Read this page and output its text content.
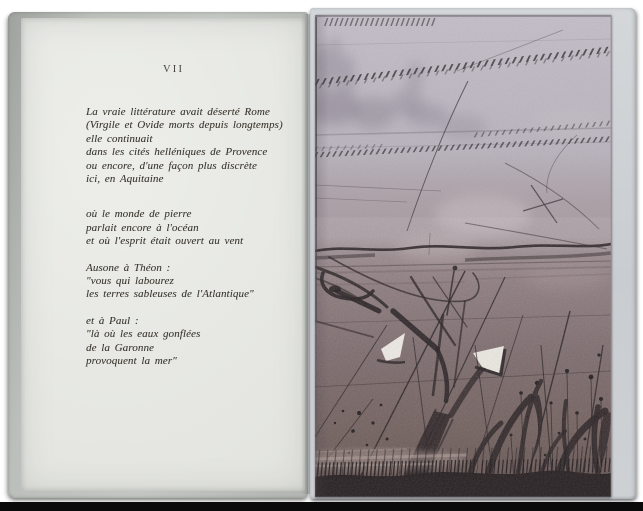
VII
La vraie littérature avait déserté Rome
(Virgile et Ovide morts depuis longtemps)
elle continuait
dans les cités helléniques de Provence
ou encore, d'une façon plus discrète
ici, en Aquitaine
où le monde de pierre
parlait encore à l'océan
et où l'esprit était ouvert au vent
Ausone à Théon :
"vous qui labourez
les terres sableuses de l'Atlantique"
et à Paul :
"là où les eaux gonflées
de la Garonne
provoquent la mer"
